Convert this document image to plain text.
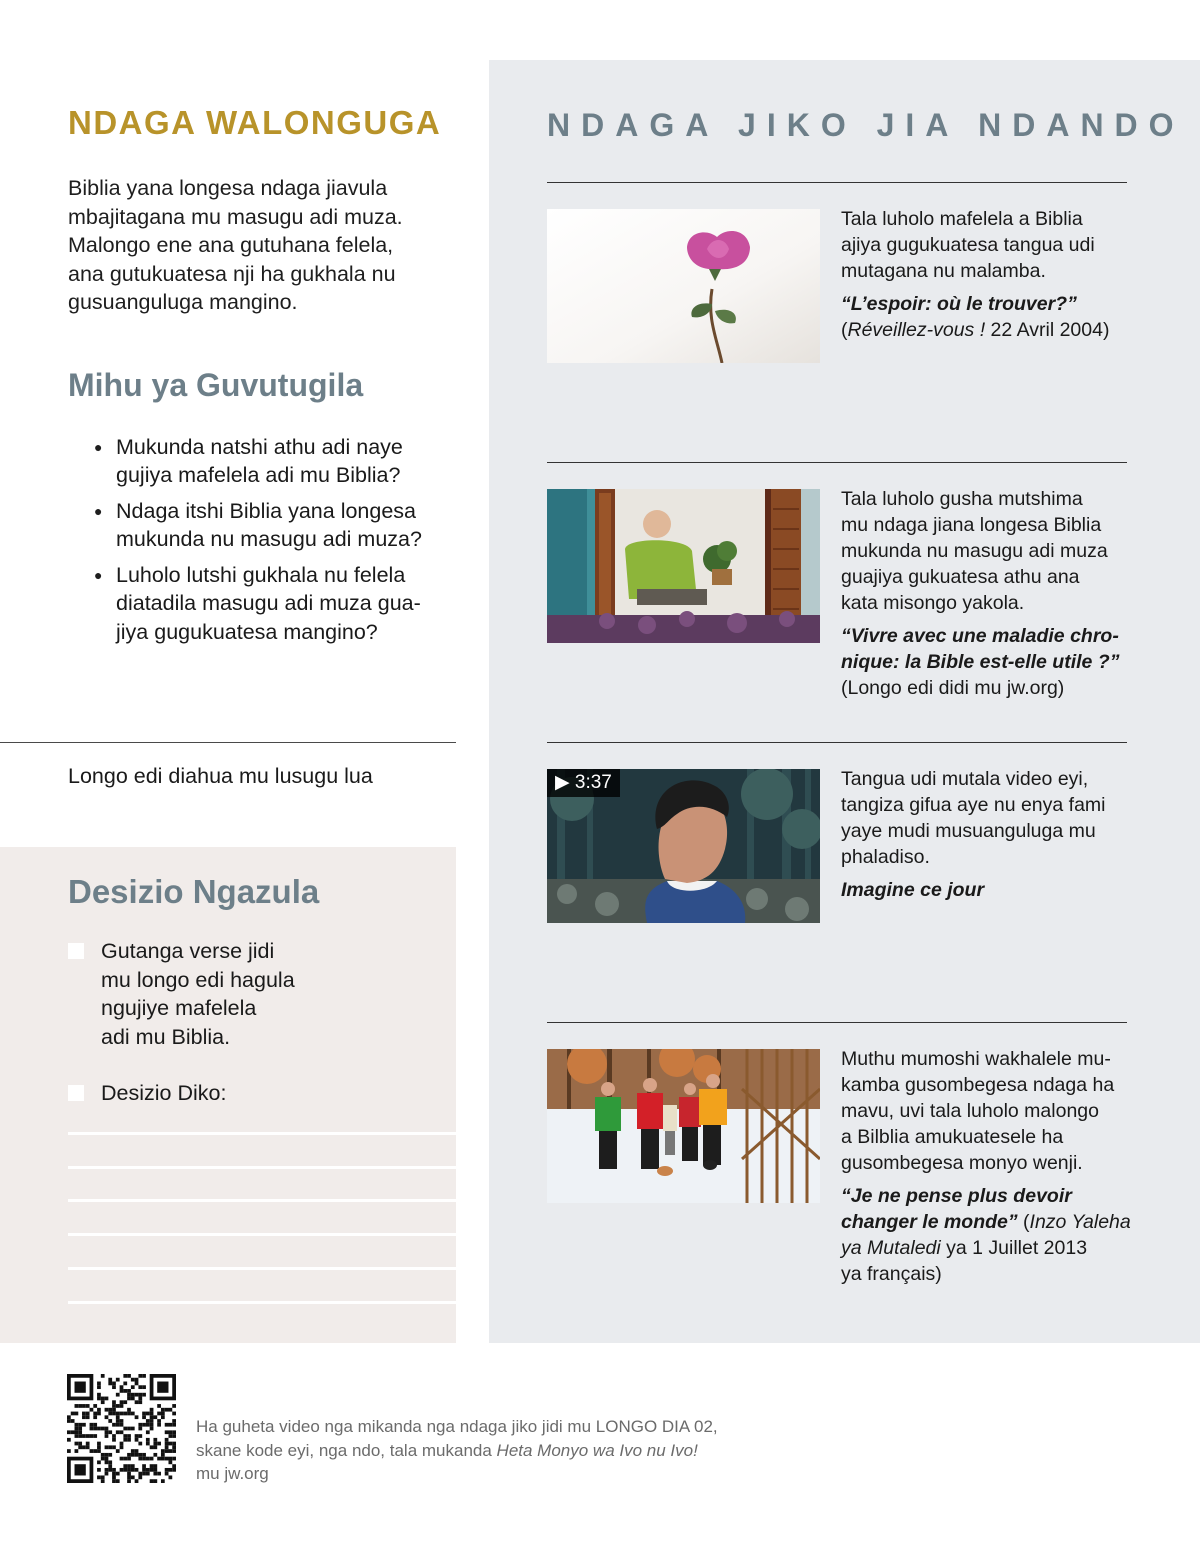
NDAGA WALONGUGA

Biblia yana longesa ndaga jiavula
mbajitagana mu masugu adi muza.
Malongo ene ana gutuhana felela,
ana gutukuatesa nji ha gukhala nu
gusuanguluga mangino.

Mihu ya Guvutugila
● Mukunda natshi athu adi naye
gujiya mafelela adi mu Biblia?
● Ndaga itshi Biblia yana longesa
mukunda nu masugu adi muza?
● Luholo lutshi gukhala nu felela
diatadila masugu adi muza gua-
jiya gugukuatesa mangino?
Longo edi diahua mu lusugu lua
Desizio Ngazula
Gutanga verse jidi
mu longo edi hagula
ngujiye mafelela
adi mu Biblia.
Desizio Diko:
NDAGA JIKO JIA NDANDO

Tala luholo mafelela a Biblia
ajiya gugukuatesa tangua udi
mutagana nu malamba.

“L’espoir: où le trouver?”

(Réveillez-vous ! 22 Avril 2004)

Tala luholo gusha mutshima
mu ndaga jiana longesa Biblia
mukunda nu masugu adi muza
guajiya gukuatesa athu ana
kata misongo yakola.

“Vivre avec une maladie chro-
nique: la Bible est-elle utile ?”

(Longo edi didi mu jw.org)

▶ 3:37	Tangua udi mutala video eyi,
tangiza gifua aye nu enya fami
yaye mudi musuanguluga mu
phaladiso.

Imagine ce jour

Muthu mumoshi wakhalele mu-
kamba gusombegesa ndaga ha
mavu, uvi tala luholo malongo
a Bilblia amukuatesele ha
gusombegesa monyo wenji.

“Je ne pense plus devoir
changer le monde” (Inzo Yaleha
ya Mutaledi ya 1 Juillet 2013
ya français)

Ha guheta video nga mikanda nga ndaga jiko jidi mu LONGO DIA 02,
skane kode eyi, nga ndo, tala mukanda Heta Monyo wa Ivo nu Ivo!
mu jw.org
